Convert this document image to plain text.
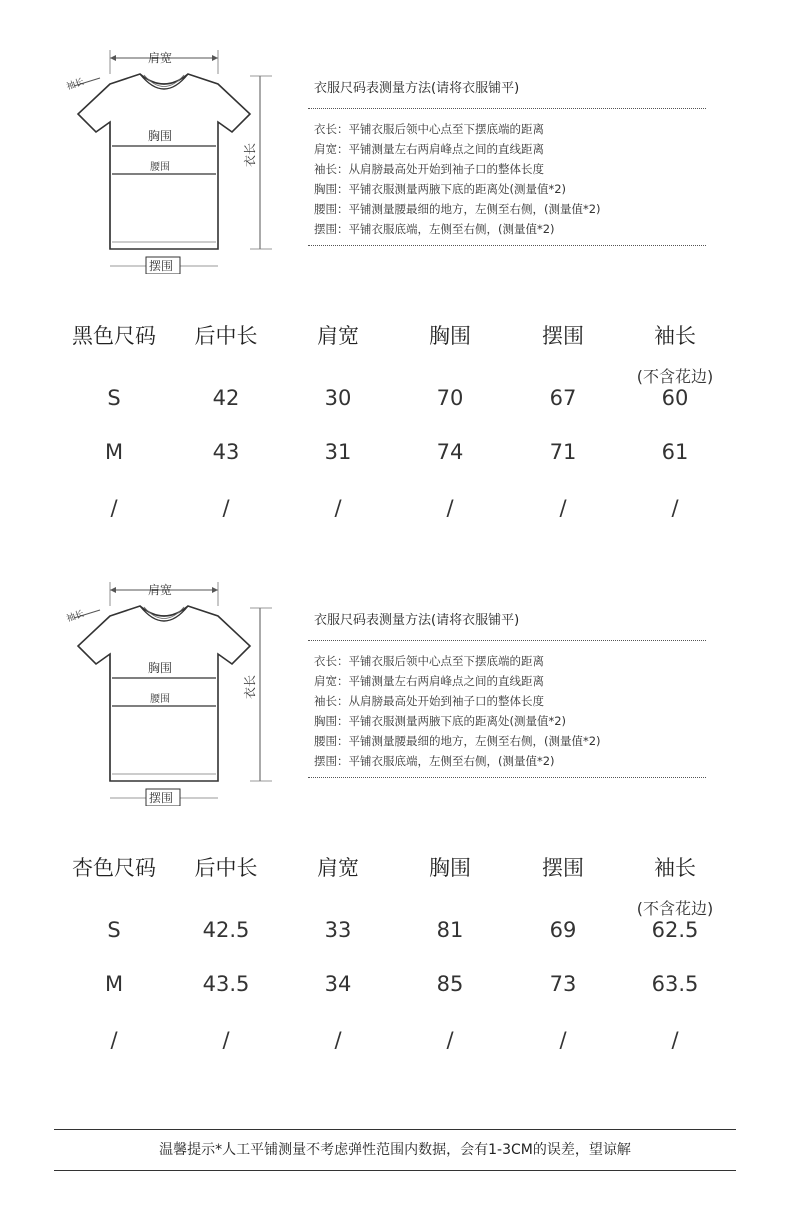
肩宽
袖长
胸围
腰围
衣长
摆围
衣服尺码表测量方法(请将衣服铺平)
衣长：平铺衣服后领中心点至下摆底端的距离
肩宽：平铺测量左右两肩峰点之间的直线距离
袖长：从肩膀最高处开始到袖子口的整体长度
胸围：平铺衣服测量两腋下底的距离处(测量值*2)
腰围：平铺测量腰最细的地方，左侧至右侧，(测量值*2)
摆围：平铺衣服底端，左侧至右侧，(测量值*2)
黑色尺码	后中长	肩宽	胸围	摆围	袖长
(不含花边)
S	42	30	70	67	60
M	43	31	74	71	61
/	/	/	/	/	/
肩宽
袖长
胸围
腰围
衣长
摆围
衣服尺码表测量方法(请将衣服铺平)
衣长：平铺衣服后领中心点至下摆底端的距离
肩宽：平铺测量左右两肩峰点之间的直线距离
袖长：从肩膀最高处开始到袖子口的整体长度
胸围：平铺衣服测量两腋下底的距离处(测量值*2)
腰围：平铺测量腰最细的地方，左侧至右侧，(测量值*2)
摆围：平铺衣服底端，左侧至右侧，(测量值*2)
杏色尺码	后中长	肩宽	胸围	摆围	袖长
(不含花边)
S	42.5	33	81	69	62.5
M	43.5	34	85	73	63.5
/	/	/	/	/	/
温馨提示*人工平铺测量不考虑弹性范围内数据，会有1-3CM的误差，望谅解
